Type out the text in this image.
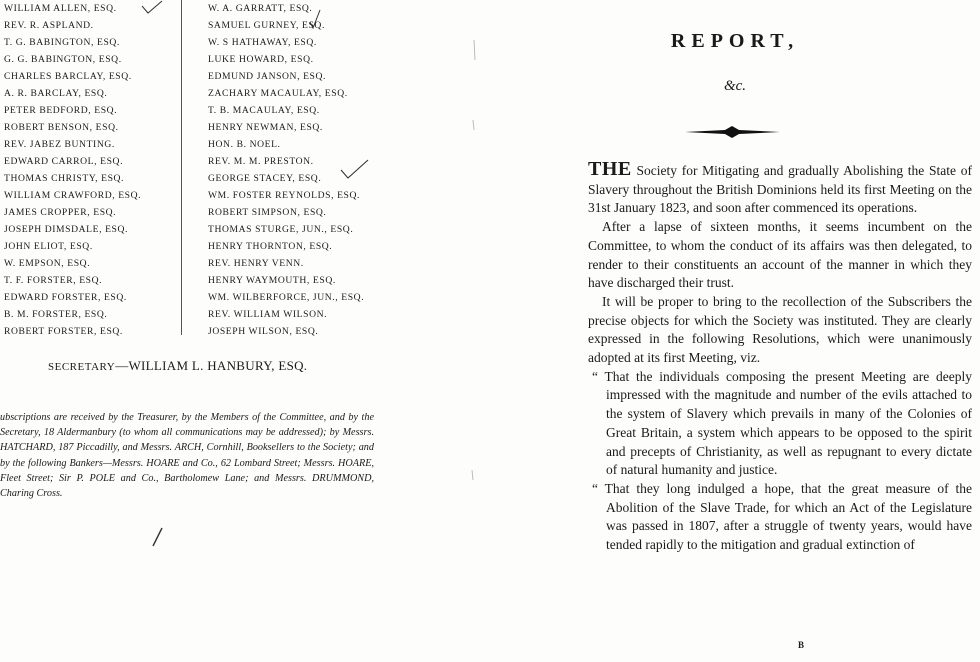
WILLIAM ALLEN, ESQ.
REV. R. ASPLAND.
T. G. BABINGTON, ESQ.
G. G. BABINGTON, ESQ.
CHARLES BARCLAY, ESQ.
A. R. BARCLAY, ESQ.
PETER BEDFORD, ESQ.
ROBERT BENSON, ESQ.
REV. JABEZ BUNTING.
EDWARD CARROL, ESQ.
THOMAS CHRISTY, ESQ.
WILLIAM CRAWFORD, ESQ.
JAMES CROPPER, ESQ.
JOSEPH DIMSDALE, ESQ.
JOHN ELIOT, ESQ.
W. EMPSON, ESQ.
T. F. FORSTER, ESQ.
EDWARD FORSTER, ESQ.
B. M. FORSTER, ESQ.
ROBERT FORSTER, ESQ.
W. A. GARRATT, ESQ.
SAMUEL GURNEY, ESQ.
W. S HATHAWAY, ESQ.
LUKE HOWARD, ESQ.
EDMUND JANSON, ESQ.
ZACHARY MACAULAY, ESQ.
T. B. MACAULAY, ESQ.
HENRY NEWMAN, ESQ.
HON. B. NOEL.
REV. M. M. PRESTON.
GEORGE STACEY, ESQ.
WM. FOSTER REYNOLDS, ESQ.
ROBERT SIMPSON, ESQ.
THOMAS STURGE, JUN., ESQ.
HENRY THORNTON, ESQ.
REV. HENRY VENN.
HENRY WAYMOUTH, ESQ.
WM. WILBERFORCE, JUN., ESQ.
REV. WILLIAM WILSON.
JOSEPH WILSON, ESQ.
SECRETARY—WILLIAM L. HANBURY, ESQ.
ubscriptions are received by the Treasurer, by the Members of the Committee, and by the Secretary, 18 Aldermanbury (to whom all communications may be addressed); by Messrs. HATCHARD, 187 Piccadilly, and Messrs. ARCH, Cornhill, Booksellers to the Society; and by the following Bankers—Messrs. HOARE and Co., 62 Lombard Street; Messrs. HOARE, Fleet Street; Sir P. POLE and Co., Bartholomew Lane; and Messrs. DRUMMOND, Charing Cross.
REPORT,
&c.

THE Society for Mitigating and gradually Abolishing the State of Slavery throughout the British Dominions held its first Meeting on the 31st January 1823, and soon after commenced its operations.

After a lapse of sixteen months, it seems incumbent on the Committee, to whom the conduct of its affairs was then delegated, to render to their constituents an account of the manner in which they have discharged their trust.

It will be proper to bring to the recollection of the Subscribers the precise objects for which the Society was instituted. They are clearly expressed in the following Resolutions, which were unanimously adopted at its first Meeting, viz.

“ That the individuals composing the present Meeting are deeply impressed with the magnitude and number of the evils attached to the system of Slavery which prevails in many of the Colonies of Great Britain, a system which appears to be opposed to the spirit and precepts of Christianity, as well as repugnant to every dictate of natural humanity and justice.

“ That they long indulged a hope, that the great measure of the Abolition of the Slave Trade, for which an Act of the Legislature was passed in 1807, after a struggle of twenty years, would have tended rapidly to the mitigation and gradual extinction of

B
